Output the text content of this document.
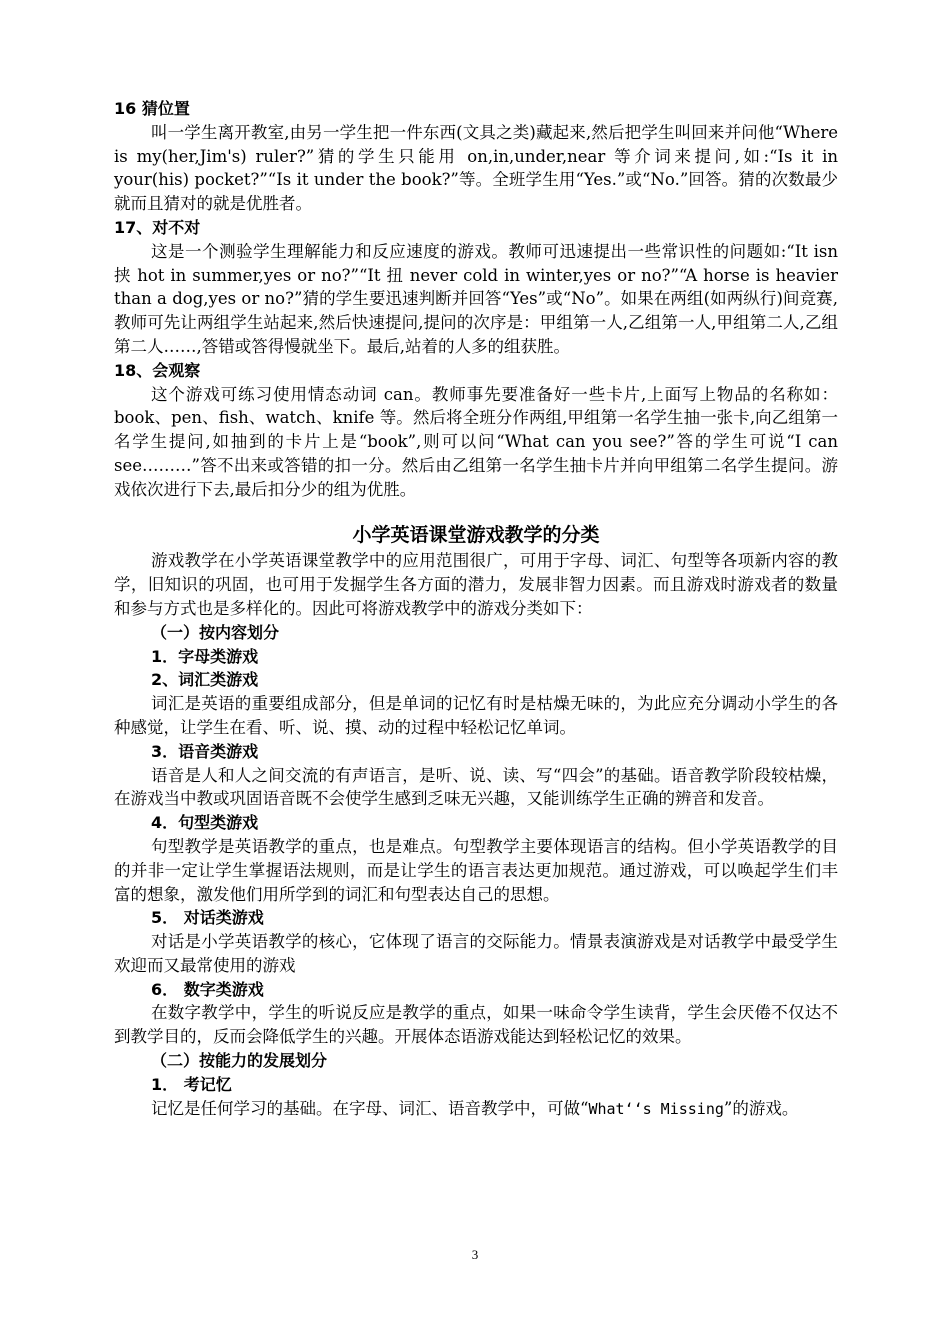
16 猜位置

叫一学生离开教室,由另一学生把一件东西(文具之类)藏起来,然后把学生叫回来并问他“Where is my(her,Jim's) ruler?”猜的学生只能用 on,in,under,near 等介词来提问,如:“Is it in your(his) pocket?”“Is it under the book?”等。全班学生用“Yes.”或“No.”回答。猜的次数最少就而且猜对的就是优胜者。

17、对不对

这是一个测验学生理解能力和反应速度的游戏。教师可迅速提出一些常识性的问题如:“It isn 挟 hot in summer,yes or no?”“It 扭 never cold in winter,yes or no?”“A horse is heavier than a dog,yes or no?”猜的学生要迅速判断并回答“Yes”或“No”。如果在两组(如两纵行)间竞赛,教师可先让两组学生站起来,然后快速提问,提问的次序是：甲组第一人,乙组第一人,甲组第二人,乙组第二人……,答错或答得慢就坐下。最后,站着的人多的组获胜。

18、会观察

这个游戏可练习使用情态动词 can。教师事先要准备好一些卡片,上面写上物品的名称如：book、pen、fish、watch、knife 等。然后将全班分作两组,甲组第一名学生抽一张卡,向乙组第一名学生提问,如抽到的卡片上是“book”,则可以问“What can you see?”答的学生可说“I can see………”答不出来或答错的扣一分。然后由乙组第一名学生抽卡片并向甲组第二名学生提问。游戏依次进行下去,最后扣分少的组为优胜。

小学英语课堂游戏教学的分类

游戏教学在小学英语课堂教学中的应用范围很广，可用于字母、词汇、句型等各项新内容的教学，旧知识的巩固，也可用于发掘学生各方面的潜力，发展非智力因素。而且游戏时游戏者的数量和参与方式也是多样化的。因此可将游戏教学中的游戏分类如下：

（一）按内容划分

1．字母类游戏

2、词汇类游戏

词汇是英语的重要组成部分，但是单词的记忆有时是枯燥无味的，为此应充分调动小学生的各种感觉，让学生在看、听、说、摸、动的过程中轻松记忆单词。

3．语音类游戏

语音是人和人之间交流的有声语言，是听、说、读、写“四会”的基础。语音教学阶段较枯燥，在游戏当中教或巩固语音既不会使学生感到乏味无兴趣，又能训练学生正确的辨音和发音。

4．句型类游戏

句型教学是英语教学的重点，也是难点。句型教学主要体现语言的结构。但小学英语教学的目的并非一定让学生掌握语法规则，而是让学生的语言表达更加规范。通过游戏，可以唤起学生们丰富的想象，激发他们用所学到的词汇和句型表达自己的思想。

5． 对话类游戏

对话是小学英语教学的核心，它体现了语言的交际能力。情景表演游戏是对话教学中最受学生欢迎而又最常使用的游戏

6． 数字类游戏

在数字教学中，学生的听说反应是教学的重点，如果一味命令学生读背，学生会厌倦不仅达不到教学目的，反而会降低学生的兴趣。开展体态语游戏能达到轻松记忆的效果。

（二）按能力的发展划分

1． 考记忆

记忆是任何学习的基础。在字母、词汇、语音教学中，可做“What‘‘s Missing”的游戏。

3
